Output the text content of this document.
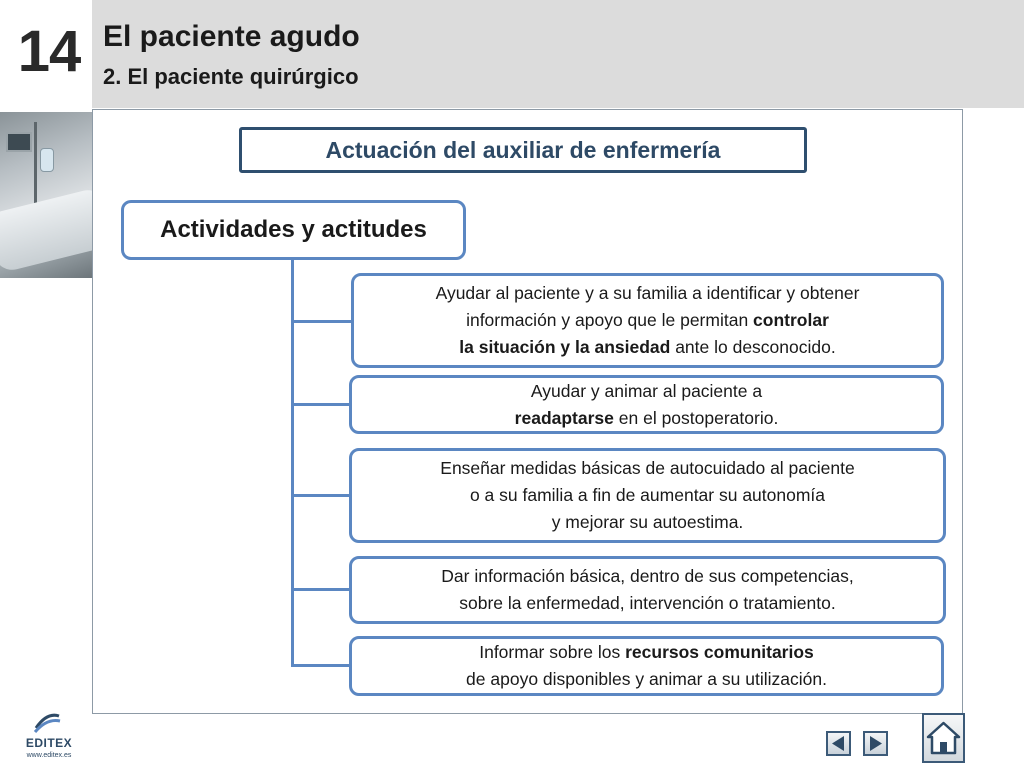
14 El paciente agudo
2. El paciente quirúrgico
Actuación del auxiliar de enfermería
Actividades y actitudes
Ayudar al paciente y a su familia a identificar y obtener
información y apoyo que le permitan controlar
la situación y la ansiedad ante lo desconocido.
Ayudar y animar al paciente a
readaptarse en el postoperatorio.
Enseñar medidas básicas de autocuidado al paciente
o a su familia a fin de aumentar su autonomía
y mejorar su autoestima.
Dar información básica, dentro de sus competencias,
sobre la enfermedad, intervención o tratamiento.
Informar sobre los recursos comunitarios
de apoyo disponibles y animar a su utilización.
EDITEX
www.editex.es
